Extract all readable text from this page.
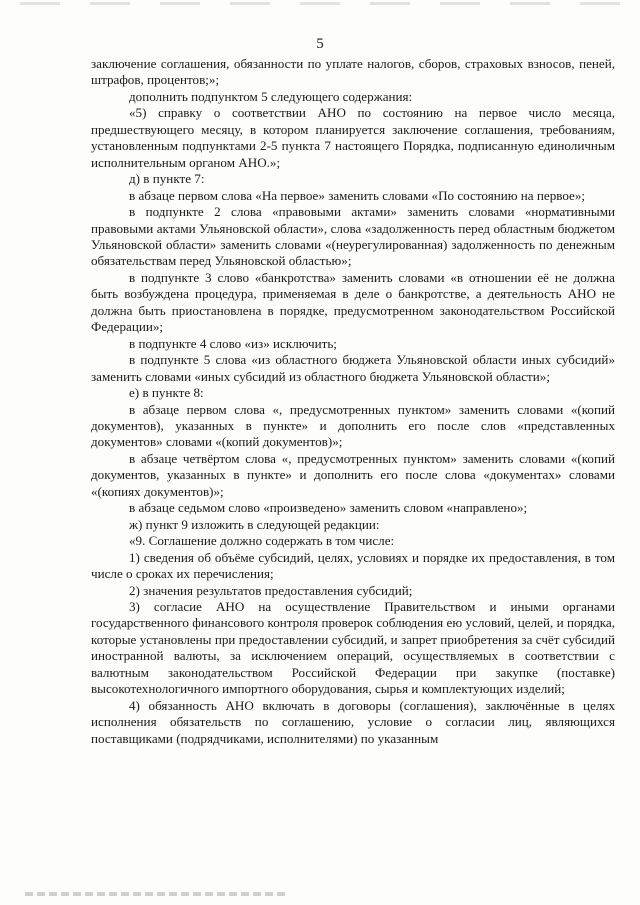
5

заключение соглашения, обязанности по уплате налогов, сборов, страховых взносов, пеней, штрафов, процентов;»;

дополнить подпунктом 5 следующего содержания:

«5) справку о соответствии АНО по состоянию на первое число месяца, предшествующего месяцу, в котором планируется заключение соглашения, требованиям, установленным подпунктами 2-5 пункта 7 настоящего Порядка, подписанную единоличным исполнительным органом АНО.»;

д) в пункте 7:

в абзаце первом слова «На первое» заменить словами «По состоянию на первое»;

в подпункте 2 слова «правовыми актами» заменить словами «нормативными правовыми актами Ульяновской области», слова «задолженность перед областным бюджетом Ульяновской области» заменить словами «(неурегулированная) задолженность по денежным обязательствам перед Ульяновской областью»;

в подпункте 3 слово «банкротства» заменить словами «в отношении её не должна быть возбуждена процедура, применяемая в деле о банкротстве, а деятельность АНО не должна быть приостановлена в порядке, предусмотренном законодательством Российской Федерации»;

в подпункте 4 слово «из» исключить;

в подпункте 5 слова «из областного бюджета Ульяновской области иных субсидий» заменить словами «иных субсидий из областного бюджета Ульяновской области»;

е) в пункте 8:

в абзаце первом слова «, предусмотренных пунктом» заменить словами «(копий документов), указанных в пункте» и дополнить его после слов «представленных документов» словами «(копий документов)»;

в абзаце четвёртом слова «, предусмотренных пунктом» заменить словами «(копий документов, указанных в пункте» и дополнить его после слова «документах» словами «(копиях документов)»;

в абзаце седьмом слово «произведено» заменить словом «направлено»;

ж) пункт 9 изложить в следующей редакции:

«9. Соглашение должно содержать в том числе:

1) сведения об объёме субсидий, целях, условиях и порядке их предоставления, в том числе о сроках их перечисления;

2) значения результатов предоставления субсидий;

3) согласие АНО на осуществление Правительством и иными органами государственного финансового контроля проверок соблюдения ею условий, целей, и порядка, которые установлены при предоставлении субсидий, и запрет приобретения за счёт субсидий иностранной валюты, за исключением операций, осуществляемых в соответствии с валютным законодательством Российской Федерации при закупке (поставке) высокотехнологичного импортного оборудования, сырья и комплектующих изделий;

4) обязанность АНО включать в договоры (соглашения), заключённые в целях исполнения обязательств по соглашению, условие о согласии лиц, являющихся поставщиками (подрядчиками, исполнителями) по указанным
